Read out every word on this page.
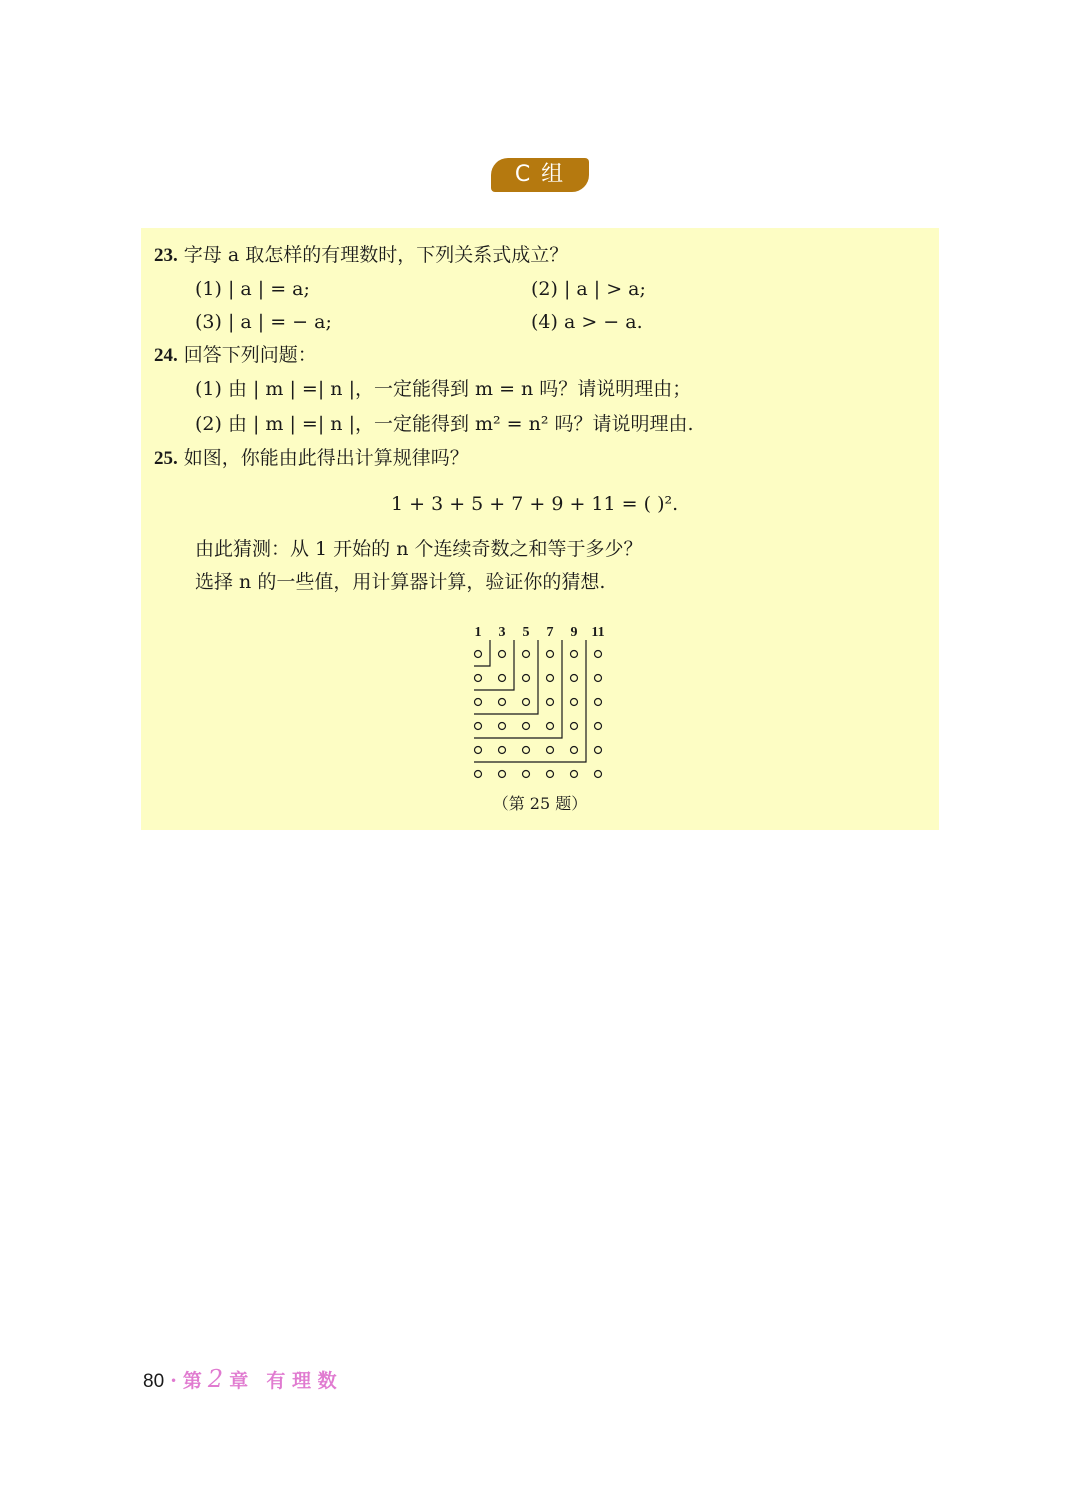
C 组
23. 字母 a 取怎样的有理数时，下列关系式成立？
(1) | a | = a;	(2) | a | > a;
(3) | a | = − a;	(4) a > − a.
24. 回答下列问题：
(1) 由 | m | =| n |，一定能得到 m = n 吗？请说明理由；
(2) 由 | m | =| n |，一定能得到 m² = n² 吗？请说明理由.
25. 如图，你能由此得出计算规律吗？
1 + 3 + 5 + 7 + 9 + 11 = ( )².
由此猜测：从 1 开始的 n 个连续奇数之和等于多少？
选择 n 的一些值，用计算器计算，验证你的猜想.
1 3 5 7 9 11
（第 25 题）
80 · 第 2 章 有 理 数
